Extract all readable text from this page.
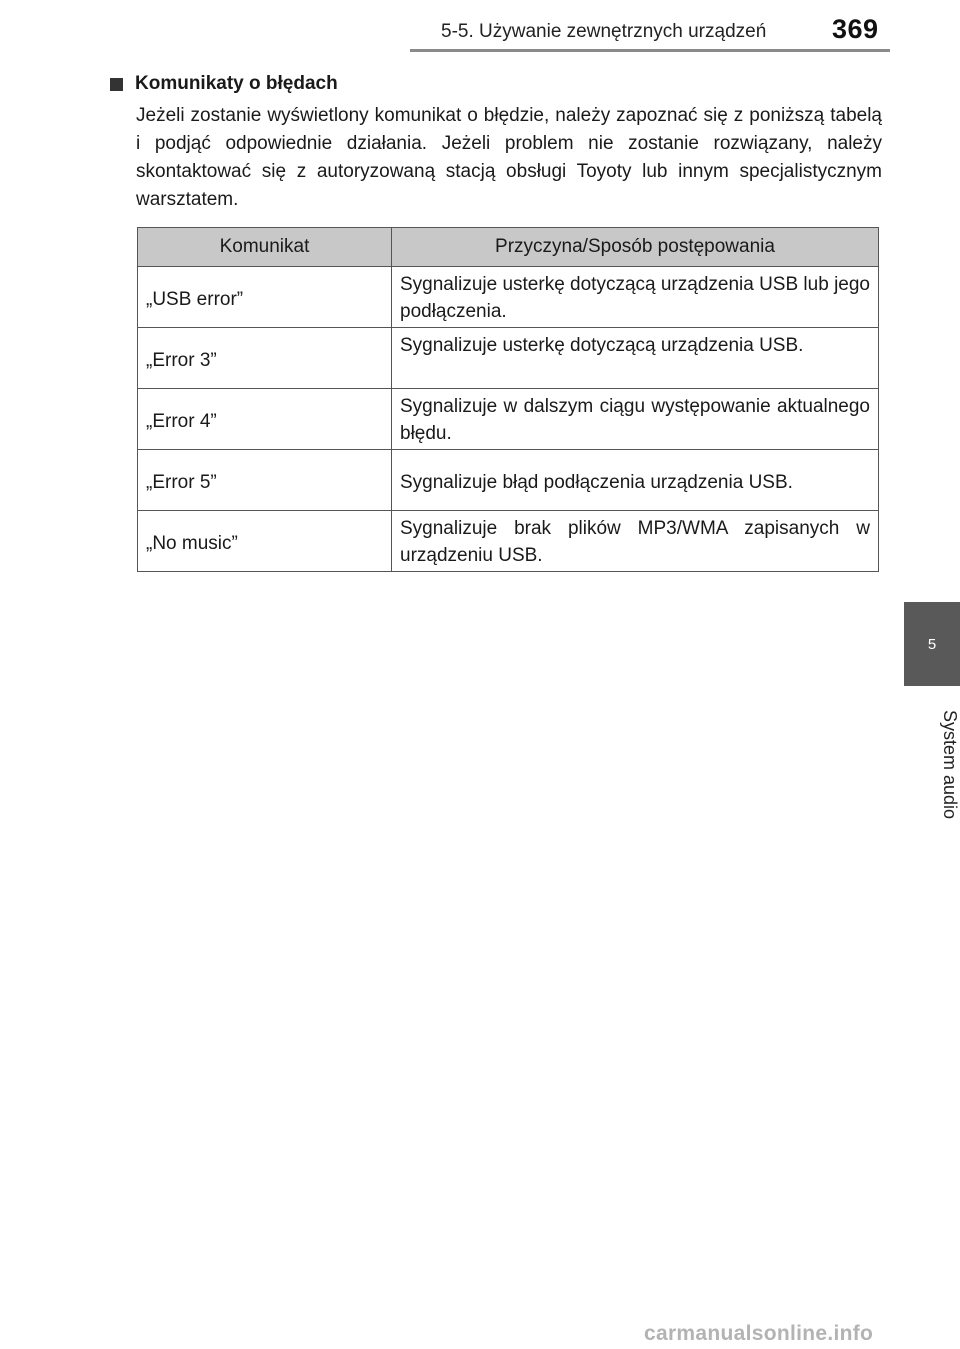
5-5. Używanie zewnętrznych urządzeń 369
5
System audio
Komunikaty o błędach

Jeżeli zostanie wyświetlony komunikat o błędzie, należy zapoznać się z poniższą tabelą i podjąć odpowiednie działania. Jeżeli problem nie zostanie rozwiązany, należy skontaktować się z autoryzowaną stacją obsługi Toyoty lub innym specjalistycznym warsztatem.

Komunikat	Przyczyna/Sposób postępowania
„USB error”	Sygnalizuje usterkę dotyczącą urządzenia USB lub jego podłączenia.
„Error 3”	Sygnalizuje usterkę dotyczącą urządzenia USB.
„Error 4”	Sygnalizuje w dalszym ciągu występowanie aktualnego błędu.
„Error 5”	Sygnalizuje błąd podłączenia urządzenia USB.
„No music”	Sygnalizuje brak plików MP3/WMA zapisanych w urządzeniu USB.
carmanualsonline.info
